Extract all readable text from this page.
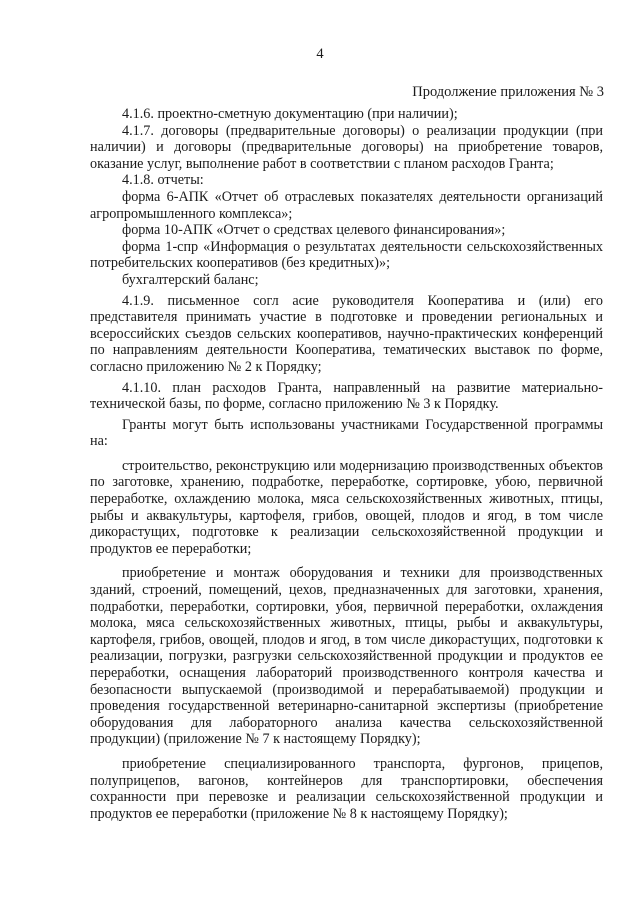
4
Продолжение приложения № 3

4.1.6. проектно-сметную документацию (при наличии);

4.1.7. договоры (предварительные договоры) о реализации продукции (при наличии) и договоры (предварительные договоры) на приобретение товаров, оказание услуг, выполнение работ в соответствии с планом расходов Гранта;

4.1.8. отчеты:

форма 6-АПК «Отчет об отраслевых показателях деятельности организаций агропромышленного комплекса»;

форма 10-АПК «Отчет о средствах целевого финансирования»;

форма 1-спр «Информация о результатах деятельности сельскохозяйственных потребительских кооперативов (без кредитных)»;

бухгалтерский баланс;

4.1.9. письменное согл асие руководителя Кооператива и (или) его представителя принимать участие в подготовке и проведении региональных и всероссийских съездов сельских кооперативов, научно-практических конференций по направлениям деятельности Кооператива, тематических выставок по форме, согласно приложению № 2 к Порядку;

4.1.10. план расходов Гранта, направленный на развитие материально-технической базы, по форме, согласно приложению № 3 к Порядку.

Гранты могут быть использованы участниками Государственной программы на:

строительство, реконструкцию или модернизацию производственных объектов по заготовке, хранению, подработке, переработке, сортировке, убою, первичной переработке, охлаждению молока, мяса сельскохозяйственных животных, птицы, рыбы и аквакультуры, картофеля, грибов, овощей, плодов и ягод, в том числе дикорастущих, подготовке к реализации сельскохозяйственной продукции и продуктов ее переработки;

приобретение и монтаж оборудования и техники для производственных зданий, строений, помещений, цехов, предназначенных для заготовки, хранения, подработки, переработки, сортировки, убоя, первичной переработки, охлаждения молока, мяса сельскохозяйственных животных, птицы, рыбы и аквакультуры, картофеля, грибов, овощей, плодов и ягод, в том числе дикорастущих, подготовки к реализации, погрузки, разгрузки сельскохозяйственной продукции и продуктов ее переработки, оснащения лабораторий производственного контроля качества и безопасности выпускаемой (производимой и перерабатываемой) продукции и проведения государственной ветеринарно-санитарной экспертизы (приобретение оборудования для лабораторного анализа качества сельскохозяйственной продукции) (приложение № 7 к настоящему Порядку);

приобретение специализированного транспорта, фургонов, прицепов, полуприцепов, вагонов, контейнеров для транспортировки, обеспечения сохранности при перевозке и реализации сельскохозяйственной продукции и продуктов ее переработки (приложение № 8 к настоящему Порядку);
